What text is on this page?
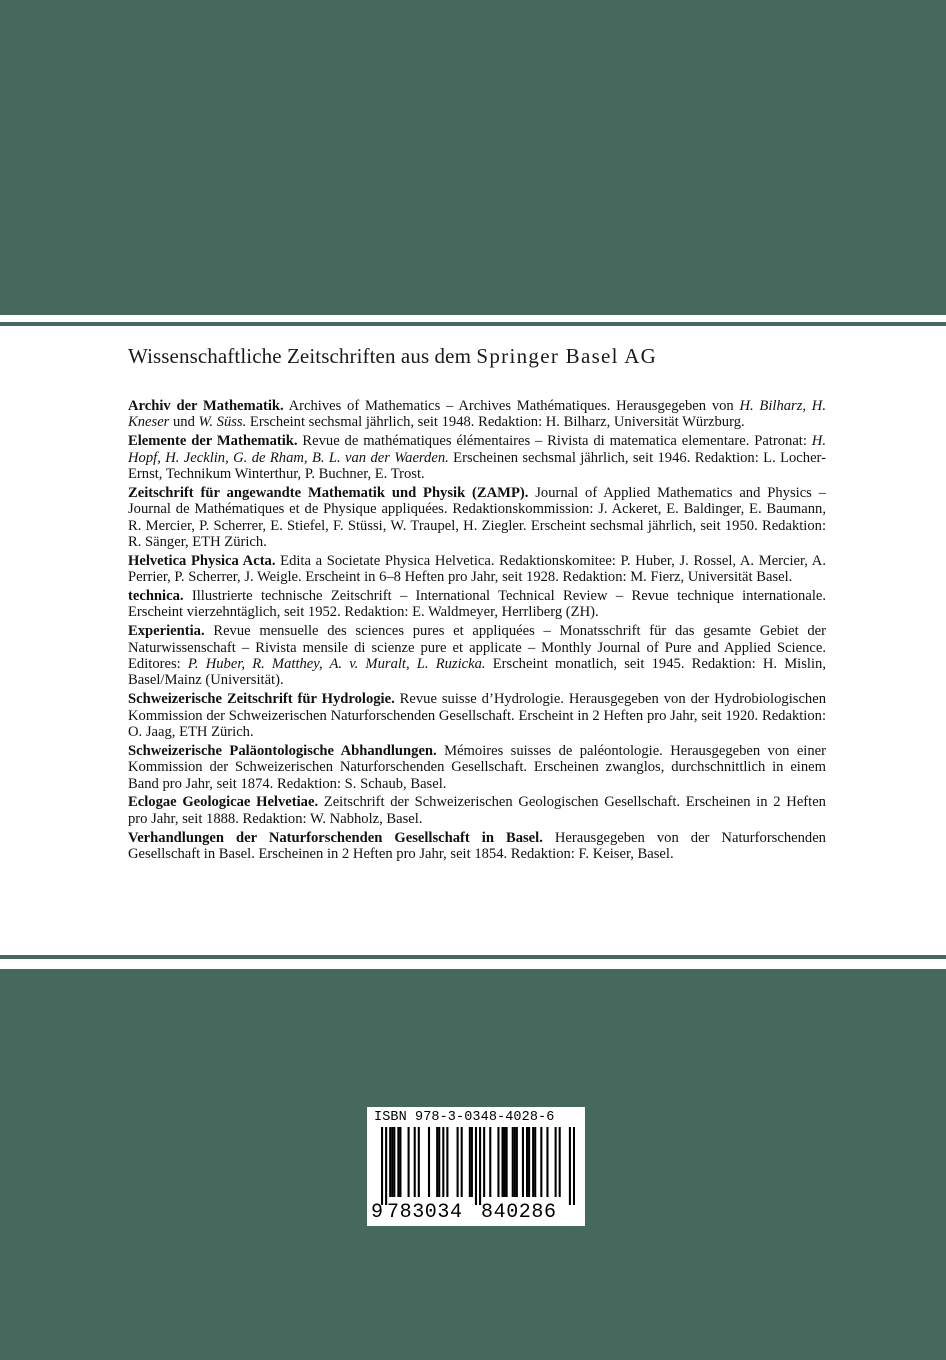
Wissenschaftliche Zeitschriften aus dem Springer Basel AG

Archiv der Mathematik. Archives of Mathematics – Archives Mathématiques. Herausgegeben von H. Bilharz, H. Kneser und W. Süss. Erscheint sechsmal jährlich, seit 1948. Redaktion: H. Bilharz, Universität Würzburg.

Elemente der Mathematik. Revue de mathématiques élémentaires – Rivista di matematica elementare. Patronat: H. Hopf, H. Jecklin, G. de Rham, B. L. van der Waerden. Erscheinen sechsmal jährlich, seit 1946. Redaktion: L. Locher-Ernst, Technikum Winterthur, P. Buchner, E. Trost.

Zeitschrift für angewandte Mathematik und Physik (ZAMP). Journal of Applied Mathematics and Physics – Journal de Mathématiques et de Physique appliquées. Redaktionskommission: J. Ackeret, E. Baldinger, E. Baumann, R. Mercier, P. Scherrer, E. Stiefel, F. Stüssi, W. Traupel, H. Ziegler. Erscheint sechsmal jährlich, seit 1950. Redaktion: R. Sänger, ETH Zürich.

Helvetica Physica Acta. Edita a Societate Physica Helvetica. Redaktionskomitee: P. Huber, J. Rossel, A. Mercier, A. Perrier, P. Scherrer, J. Weigle. Erscheint in 6–8 Heften pro Jahr, seit 1928. Redaktion: M. Fierz, Universität Basel.

technica. Illustrierte technische Zeitschrift – International Technical Review – Revue technique internationale. Erscheint vierzehntäglich, seit 1952. Redaktion: E. Waldmeyer, Herrliberg (ZH).

Experientia. Revue mensuelle des sciences pures et appliquées – Monatsschrift für das gesamte Gebiet der Naturwissenschaft – Rivista mensile di scienze pure et applicate – Monthly Journal of Pure and Applied Science. Editores: P. Huber, R. Matthey, A. v. Muralt, L. Ruzicka. Erscheint monatlich, seit 1945. Redaktion: H. Mislin, Basel/Mainz (Universität).

Schweizerische Zeitschrift für Hydrologie. Revue suisse d’Hydrologie. Herausgegeben von der Hydrobiologischen Kommission der Schweizerischen Naturforschenden Gesellschaft. Erscheint in 2 Heften pro Jahr, seit 1920. Redaktion: O. Jaag, ETH Zürich.

Schweizerische Paläontologische Abhandlungen. Mémoires suisses de paléontologie. Herausgegeben von einer Kommission der Schweizerischen Naturforschenden Gesellschaft. Erscheinen zwanglos, durchschnittlich in einem Band pro Jahr, seit 1874. Redaktion: S. Schaub, Basel.

Eclogae Geologicae Helvetiae. Zeitschrift der Schweizerischen Geologischen Gesellschaft. Erscheinen in 2 Heften pro Jahr, seit 1888. Redaktion: W. Nabholz, Basel.

Verhandlungen der Naturforschenden Gesellschaft in Basel. Herausgegeben von der Naturforschenden Gesellschaft in Basel. Erscheinen in 2 Heften pro Jahr, seit 1854. Redaktion: F. Keiser, Basel.

ISBN 978-3-0348-4028-6
9 783034 840286
